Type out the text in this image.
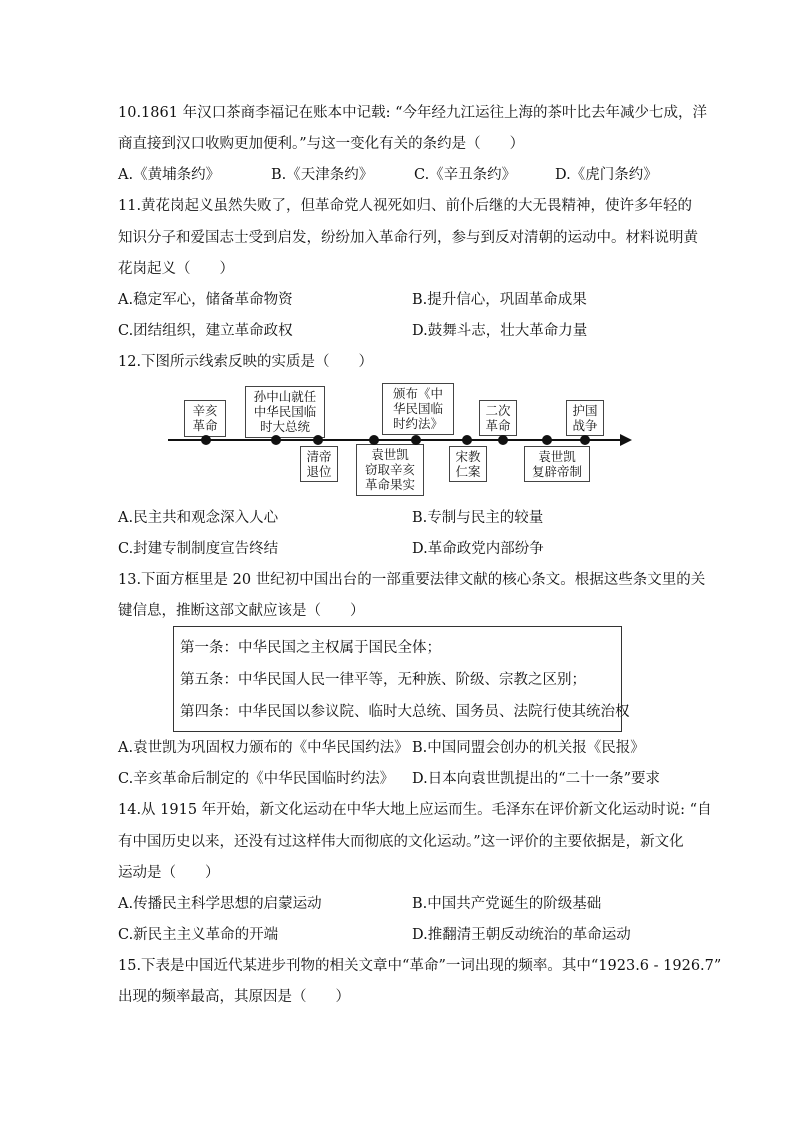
10.1861 年汉口茶商李福记在账本中记载: “今年经九江运往上海的茶叶比去年减少七成，洋
商直接到汉口收购更加便利。”与这一变化有关的条约是（　　）
A.《黄埔条约》	B.《天津条约》	C.《辛丑条约》	D.《虎门条约》
11.黄花岗起义虽然失败了，但革命党人视死如归、前仆后继的大无畏精神，使许多年轻的
知识分子和爱国志士受到启发，纷纷加入革命行列，参与到反对清朝的运动中。材料说明黄
花岗起义（　　）
A.稳定军心，储备革命物资	B.提升信心，巩固革命成果
C.团结组织，建立革命政权	D.鼓舞斗志，壮大革命力量
12.下图所示线索反映的实质是（　　）
辛亥
革命
孙中山就任
中华民国临
时大总统
颁布《中
华民国临
时约法》
二次
革命
护国
战争
清帝
退位
袁世凯
窃取辛亥
革命果实
宋教
仁案
袁世凯
复辟帝制
A.民主共和观念深入人心	B.专制与民主的较量
C.封建专制制度宣告终结	D.革命政党内部纷争
13.下面方框里是 20 世纪初中国出台的一部重要法律文献的核心条文。根据这些条文里的关
键信息，推断这部文献应该是（　　）
第一条：中华民国之主权属于国民全体；
第五条：中华民国人民一律平等，无种族、阶级、宗教之区别；
第四条：中华民国以参议院、临时大总统、国务员、法院行使其统治权
A.袁世凯为巩固权力颁布的《中华民国约法》 B.中国同盟会创办的机关报《民报》
C.辛亥革命后制定的《中华民国临时约法》 D.日本向袁世凯提出的“二十一条”要求
14.从 1915 年开始，新文化运动在中华大地上应运而生。毛泽东在评价新文化运动时说: “自
有中国历史以来，还没有过这样伟大而彻底的文化运动。”这一评价的主要依据是，新文化
运动是（　　）
A.传播民主科学思想的启蒙运动	B.中国共产党诞生的阶级基础
C.新民主主义革命的开端	D.推翻清王朝反动统治的革命运动
15.下表是中国近代某进步刊物的相关文章中“革命”一词出现的频率。其中“1923.6 - 1926.7”
出现的频率最高，其原因是（　　）
